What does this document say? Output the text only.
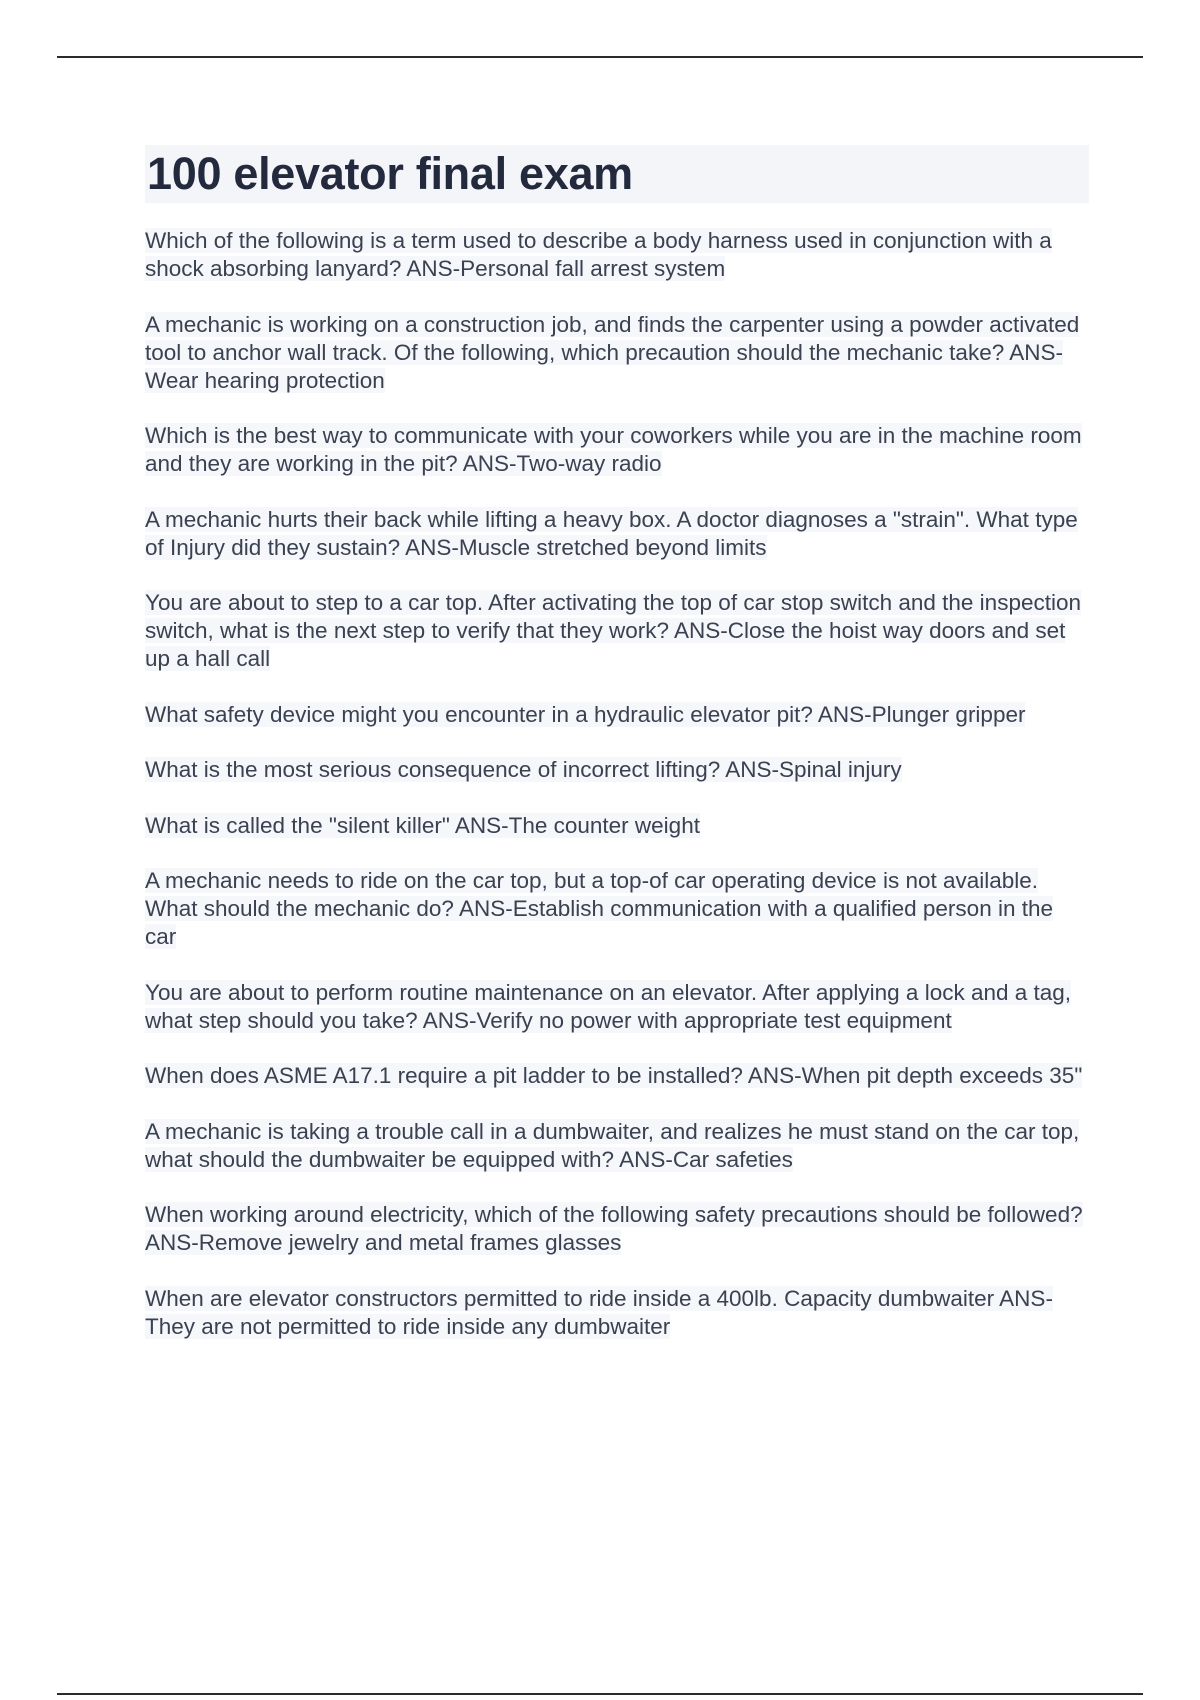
100 elevator final exam
Which of the following is a term used to describe a body harness used in conjunction with a shock absorbing lanyard? ANS-Personal fall arrest system
A mechanic is working on a construction job, and finds the carpenter using a powder activated tool to anchor wall track. Of the following, which precaution should the mechanic take? ANS-Wear hearing protection
Which is the best way to communicate with your coworkers while you are in the machine room and they are working in the pit? ANS-Two-way radio
A mechanic hurts their back while lifting a heavy box. A doctor diagnoses a "strain". What type of Injury did they sustain? ANS-Muscle stretched beyond limits
You are about to step to a car top. After activating the top of car stop switch and the inspection switch, what is the next step to verify that they work? ANS-Close the hoist way doors and set up a hall call
What safety device might you encounter in a hydraulic elevator pit? ANS-Plunger gripper
What is the most serious consequence of incorrect lifting? ANS-Spinal injury
What is called the "silent killer" ANS-The counter weight
A mechanic needs to ride on the car top, but a top-of car operating device is not available. What should the mechanic do? ANS-Establish communication with a qualified person in the car
You are about to perform routine maintenance on an elevator. After applying a lock and a tag, what step should you take? ANS-Verify no power with appropriate test equipment
When does ASME A17.1 require a pit ladder to be installed? ANS-When pit depth exceeds 35"
A mechanic is taking a trouble call in a dumbwaiter, and realizes he must stand on the car top, what should the dumbwaiter be equipped with? ANS-Car safeties
When working around electricity, which of the following safety precautions should be followed? ANS-Remove jewelry and metal frames glasses
When are elevator constructors permitted to ride inside a 400lb. Capacity dumbwaiter ANS-They are not permitted to ride inside any dumbwaiter
